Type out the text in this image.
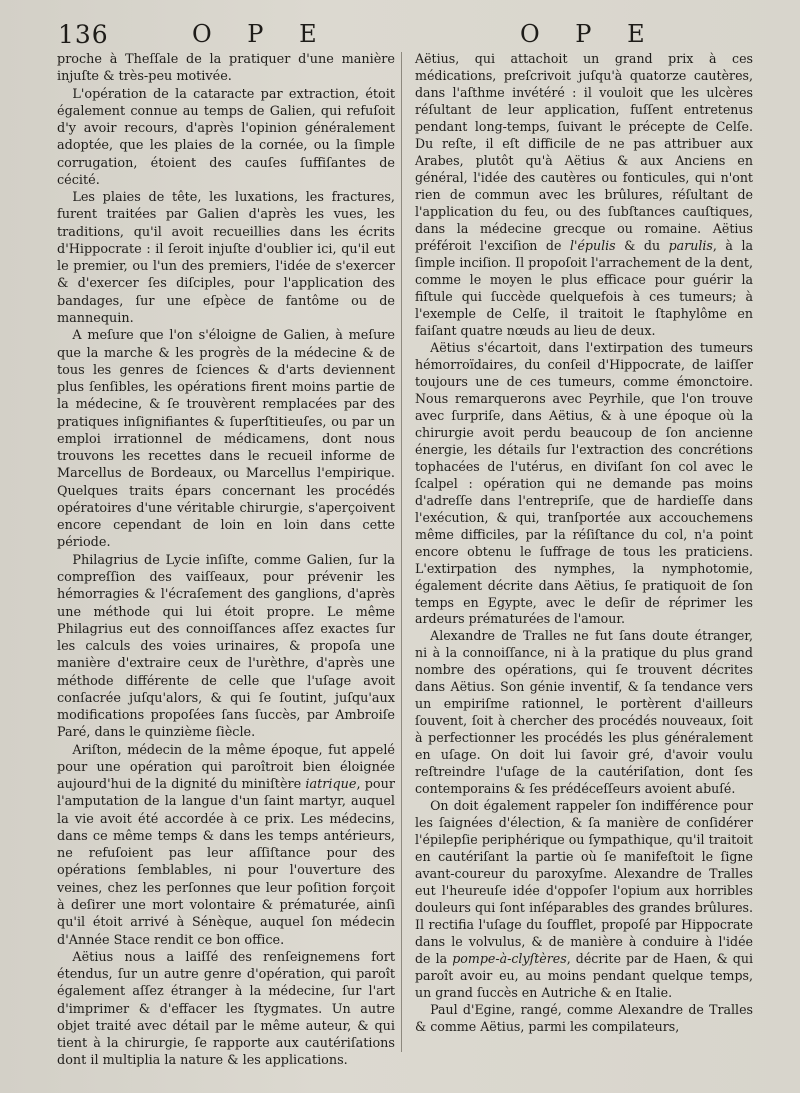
136	O P E	O P E

proche à Theſſale de la pratiquer d'une manière injuſte & très-peu motivée.

L'opération de la cataracte par extraction, étoit également connue au temps de Galien, qui refuſoit d'y avoir recours, d'après l'opinion généralement adoptée, que les plaies de la cornée, ou la ſimple corrugation, étoient des cauſes ſuffiſantes de cécité.

Les plaies de tête, les luxations, les fractures, furent traitées par Galien d'après les vues, les traditions, qu'il avoit recueillies dans les écrits d'Hippocrate : il ſeroit injuſte d'oublier ici, qu'il eut le premier, ou l'un des premiers, l'idée de s'exercer & d'exercer ſes diſciples, pour l'application des bandages, ſur une eſpèce de fantôme ou de mannequin.

A meſure que l'on s'éloigne de Galien, à meſure que la marche & les progrès de la médecine & de tous les genres de ſciences & d'arts deviennent plus ſenſibles, les opérations firent moins partie de la médecine, & ſe trouvèrent remplacées par des pratiques inſignifiantes & ſuperſtitieuſes, ou par un emploi irrationnel de médicamens, dont nous trouvons les recettes dans le recueil informe de Marcellus de Bordeaux, ou Marcellus l'empirique. Quelques traits épars concernant les procédés opératoires d'une véritable chirurgie, s'aperçoivent encore cependant de loin en loin dans cette période.

Philagrius de Lycie inſiſte, comme Galien, ſur la compreſſion des vaiſſeaux, pour prévenir les hémorragies & l'écraſement des ganglions, d'après une méthode qui lui étoit propre. Le même Philagrius eut des connoiſſances aſſez exactes ſur les calculs des voies urinaires, & propoſa une manière d'extraire ceux de l'urèthre, d'après une méthode différente de celle que l'uſage avoit conſacrée juſqu'alors, & qui ſe ſoutint, juſqu'aux modifications propoſées ſans ſuccès, par Ambroiſe Paré, dans le quinzième ſiècle.

Ariſton, médecin de la même époque, fut appelé pour une opération qui paroîtroit bien éloignée aujourd'hui de la dignité du miniſtère iatrique, pour l'amputation de la langue d'un ſaint martyr, auquel la vie avoit été accordée à ce prix. Les médecins, dans ce même temps & dans les temps antérieurs, ne refuſoient pas leur aſſiſtance pour des opérations ſemblables, ni pour l'ouverture des veines, chez les perſonnes que leur poſition forçoit à deſirer une mort volontaire & prématurée, ainſi qu'il étoit arrivé à Sénèque, auquel ſon médecin d'Année Stace rendit ce bon office.

Aëtius nous a laiſſé des renſeignemens fort étendus, ſur un autre genre d'opération, qui paroît également aſſez étranger à la médecine, ſur l'art d'imprimer & d'effacer les ſtygmates. Un autre objet traité avec détail par le même auteur, & qui tient à la chirurgie, ſe rapporte aux cautériſations dont il multiplia la nature & les applications.

Aëtius, qui attachoit un grand prix à ces médications, preſcrivoit juſqu'à quatorze cautères, dans l'aſthme invétéré : il vouloit que les ulcères réſultant de leur application, fuſſent entretenus pendant long-temps, ſuivant le précepte de Celſe. Du reſte, il eſt difficile de ne pas attribuer aux Arabes, plutôt qu'à Aëtius & aux Anciens en général, l'idée des cautères ou fonticules, qui n'ont rien de commun avec les brûlures, réſultant de l'application du feu, ou des ſubſtances cauſtiques, dans la médecine grecque ou romaine. Aëtius préféroit l'exciſion de l'épulis & du parulis, à la ſimple inciſion. Il propoſoit l'arrachement de la dent, comme le moyen le plus efficace pour guérir la fiſtule qui ſuccède quelquefois à ces tumeurs; à l'exemple de Celſe, il traitoit le ſtaphylôme en faiſant quatre nœuds au lieu de deux.

Aëtius s'écartoit, dans l'extirpation des tumeurs hémorroïdaires, du conſeil d'Hippocrate, de laiſſer toujours une de ces tumeurs, comme émonctoire. Nous remarquerons avec Peyrhile, que l'on trouve avec ſurpriſe, dans Aëtius, & à une époque où la chirurgie avoit perdu beaucoup de ſon ancienne énergie, les détails ſur l'extraction des concrétions tophacées de l'utérus, en diviſant ſon col avec le ſcalpel : opération qui ne demande pas moins d'adreſſe dans l'entrepriſe, que de hardieſſe dans l'exécution, & qui, tranſportée aux accouchemens même difficiles, par la réſiſtance du col, n'a point encore obtenu le ſuffrage de tous les praticiens. L'extirpation des nymphes, la nymphotomie, également décrite dans Aëtius, ſe pratiquoit de ſon temps en Egypte, avec le deſir de réprimer les ardeurs prématurées de l'amour.

Alexandre de Tralles ne fut ſans doute étranger, ni à la connoiſſance, ni à la pratique du plus grand nombre des opérations, qui ſe trouvent décrites dans Aëtius. Son génie inventif, & ſa tendance vers un empiriſme rationnel, le portèrent d'ailleurs ſouvent, ſoit à chercher des procédés nouveaux, ſoit à perfectionner les procédés les plus généralement en uſage. On doit lui ſavoir gré, d'avoir voulu reſtreindre l'uſage de la cautériſation, dont ſes contemporains & ſes prédéceſſeurs avoient abuſé.

On doit également rappeler ſon indifférence pour les ſaignées d'élection, & ſa manière de conſidérer l'épilepſie periphérique ou ſympathique, qu'il traitoit en cautériſant la partie où ſe manifeſtoit le ſigne avant-coureur du paroxyſme. Alexandre de Tralles eut l'heureuſe idée d'oppoſer l'opium aux horribles douleurs qui ſont inſéparables des grandes brûlures. Il rectifia l'uſage du ſoufflet, propoſé par Hippocrate dans le volvulus, & de manière à conduire à l'idée de la pompe-à-clyſtères, décrite par de Haen, & qui paroît avoir eu, au moins pendant quelque temps, un grand ſuccès en Autriche & en Italie.

Paul d'Egine, rangé, comme Alexandre de Tralles & comme Aëtius, parmi les compilateurs,
